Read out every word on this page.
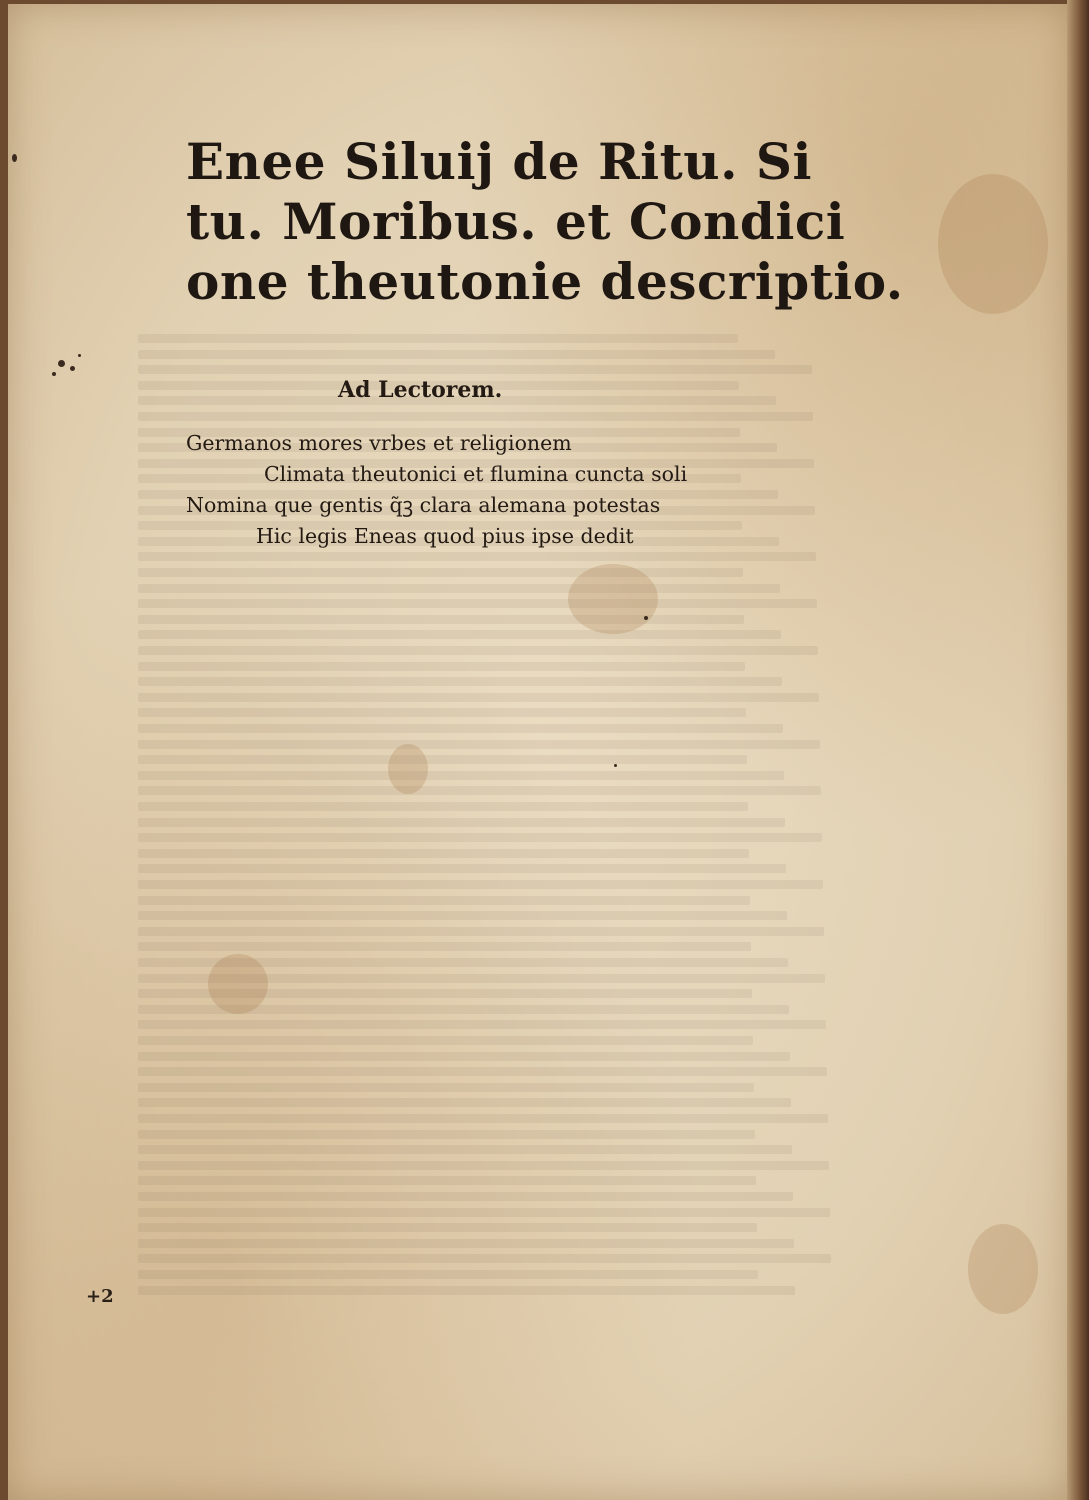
Enee Siluij de Ritu. Si
tu. Moribus. et Condici
one theutonie descriptio.
Ad Lectorem.
Germanos mores vrbes et religionem
Climata theutonici et flumina cuncta soli
Nomina que gentis q̃ꝫ clara alemana potestas
Hic legis Eneas quod pius ipse dedit
+2
